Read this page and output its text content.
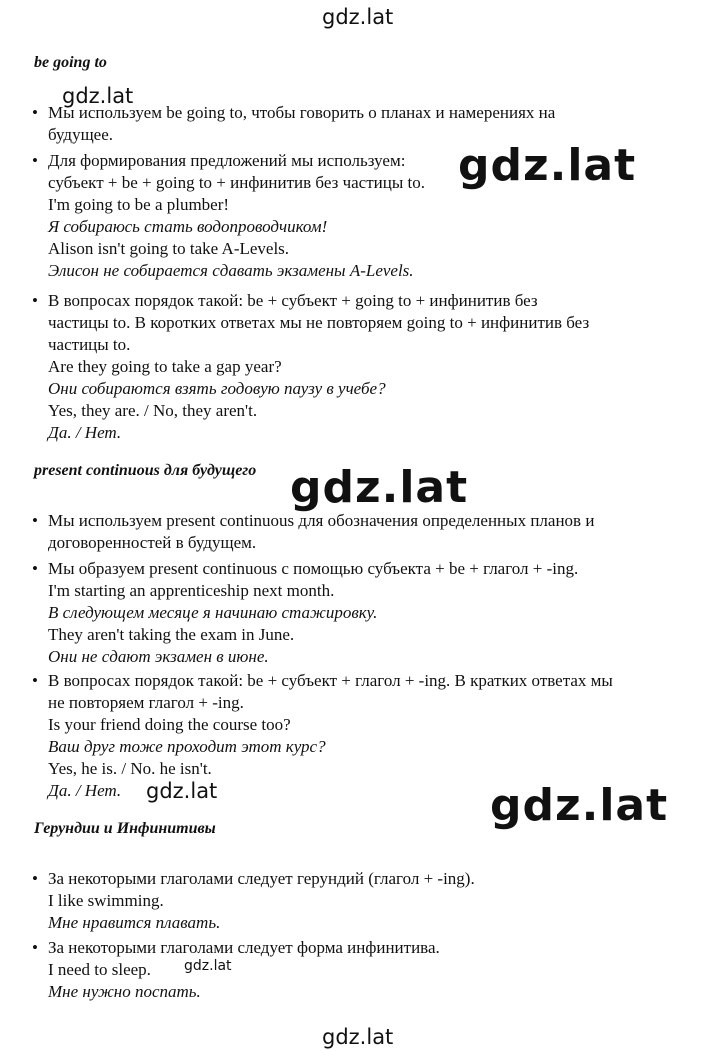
gdz.lat
gdz.lat
gdz.lat
gdz.lat
gdz.lat	gdz.lat
gdz.lat
gdz.lat
be going to
• Мы используем be going to, чтобы говорить о планах и намерениях на
будущее.
• Для формирования предложений мы используем:
субъект + be + going to + инфинитив без частицы to.
I'm going to be a plumber!
Я собираюсь стать водопроводчиком!
Alison isn't going to take A-Levels.
Элисон не собирается сдавать экзамены A-Levels.
• В вопросах порядок такой: be + субъект + going to + инфинитив без
частицы to. В коротких ответах мы не повторяем going to + инфинитив без
частицы to.
Are they going to take a gap year?
Они собираются взять годовую паузу в учебе?
Yes, they are. / No, they aren't.
Да. / Нет.
present continuous для будущего
• Мы используем present continuous для обозначения определенных планов и
договоренностей в будущем.
• Мы образуем present continuous с помощью субъекта + be + глагол + -ing.
I'm starting an apprenticeship next month.
В следующем месяце я начинаю стажировку.
They aren't taking the exam in June.
Они не сдают экзамен в июне.
• В вопросах порядок такой: be + субъект + глагол + -ing. В кратких ответах мы
не повторяем глагол + -ing.
Is your friend doing the course too?
Ваш друг тоже проходит этот курс?
Yes, he is. / No. he isn't.
Да. / Нет.
Герундии и Инфинитивы
• За некоторыми глаголами следует герундий (глагол + -ing).
I like swimming.
Мне нравится плавать.
• За некоторыми глаголами следует форма инфинитива.
I need to sleep.
Мне нужно поспать.
